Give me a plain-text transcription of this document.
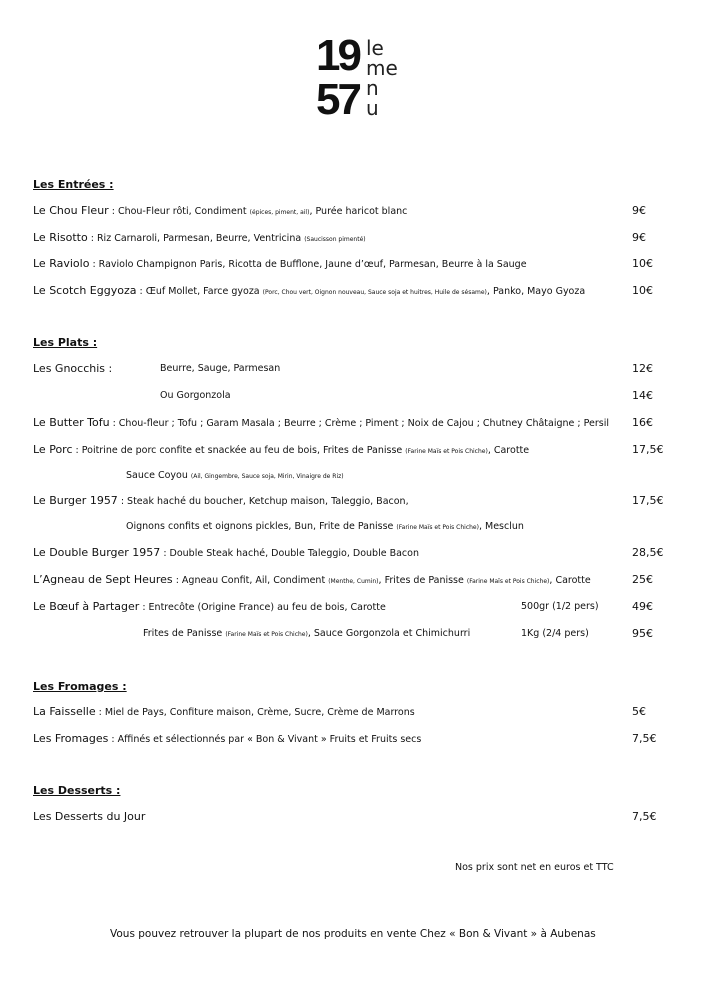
19
57
le
me
n
u
Les Entrées :
Le Chou Fleur : Chou-Fleur rôti, Condiment (épices, piment, ail), Purée haricot blanc	9€
Le Risotto : Riz Carnaroli, Parmesan, Beurre, Ventricina (Saucisson pimenté)	9€
Le Raviolo : Raviolo Champignon Paris, Ricotta de Bufflone, Jaune d’œuf, Parmesan, Beurre à la Sauge	10€
Le Scotch Eggyoza : Œuf Mollet, Farce gyoza (Porc, Chou vert, Oignon nouveau, Sauce soja et huitres, Huile de sésame), Panko, Mayo Gyoza	10€
Les Plats :
Les Gnocchis :	Beurre, Sauge, Parmesan	12€
Ou Gorgonzola	14€
Le Butter Tofu : Chou-fleur ; Tofu ; Garam Masala ; Beurre ; Crème ; Piment ; Noix de Cajou ; Chutney Châtaigne ; Persil	16€
Le Porc : Poitrine de porc confite et snackée au feu de bois, Frites de Panisse (Farine Maïs et Pois Chiche), Carotte	17,5€
Sauce Coyou (Ail, Gingembre, Sauce soja, Mirin, Vinaigre de Riz)
Le Burger 1957 : Steak haché du boucher, Ketchup maison, Taleggio, Bacon,	17,5€
Oignons confits et oignons pickles, Bun, Frite de Panisse (Farine Maïs et Pois Chiche), Mesclun
Le Double Burger 1957 : Double Steak haché, Double Taleggio, Double Bacon	28,5€
L’Agneau de Sept Heures : Agneau Confit, Ail, Condiment (Menthe, Cumin), Frites de Panisse (Farine Maïs et Pois Chiche), Carotte	25€
Le Bœuf à Partager : Entrecôte (Origine France) au feu de bois, Carotte	500gr (1/2 pers)	49€
Frites de Panisse (Farine Maïs et Pois Chiche), Sauce Gorgonzola et Chimichurri	1Kg (2/4 pers)	95€
Les Fromages :
La Faisselle : Miel de Pays, Confiture maison, Crème, Sucre, Crème de Marrons	5€
Les Fromages : Affinés et sélectionnés par « Bon & Vivant » Fruits et Fruits secs	7,5€
Les Desserts :
Les Desserts du Jour	7,5€
Nos prix sont net en euros et TTC
Vous pouvez retrouver la plupart de nos produits en vente Chez « Bon & Vivant » à Aubenas
